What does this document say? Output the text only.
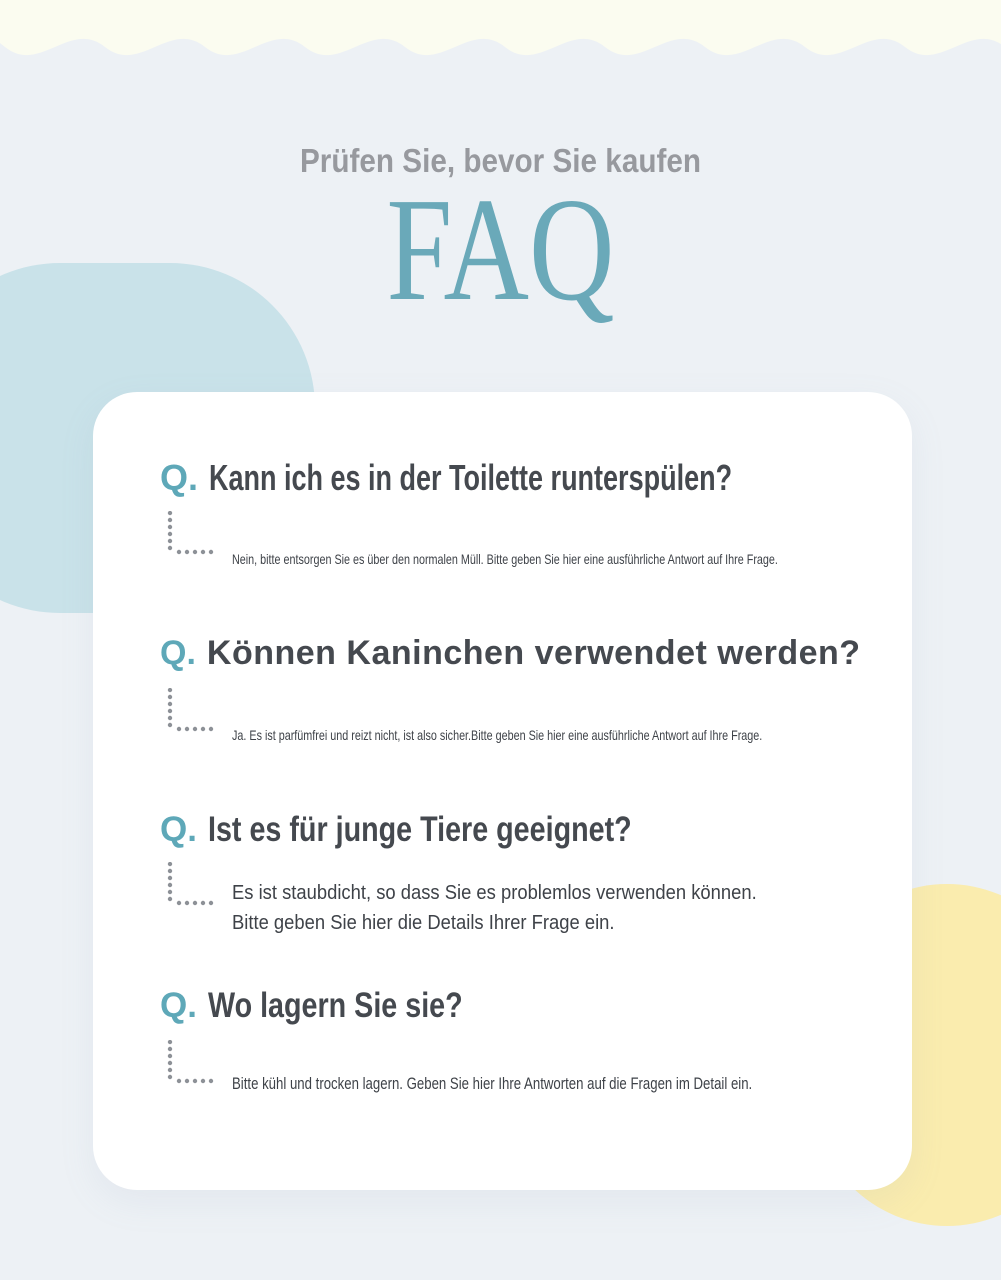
Prüfen Sie, bevor Sie kaufen
FAQ
Q. Kann ich es in der Toilette runterspülen?
Nein, bitte entsorgen Sie es über den normalen Müll. Bitte geben Sie hier eine ausführliche Antwort auf Ihre Frage.
Q. Können Kaninchen verwendet werden?
Ja. Es ist parfümfrei und reizt nicht, ist also sicher.Bitte geben Sie hier eine ausführliche Antwort auf Ihre Frage.
Q. Ist es für junge Tiere geeignet?
Es ist staubdicht, so dass Sie es problemlos verwenden können.
Bitte geben Sie hier die Details Ihrer Frage ein.
Q. Wo lagern Sie sie?
Bitte kühl und trocken lagern. Geben Sie hier Ihre Antworten auf die Fragen im Detail ein.
